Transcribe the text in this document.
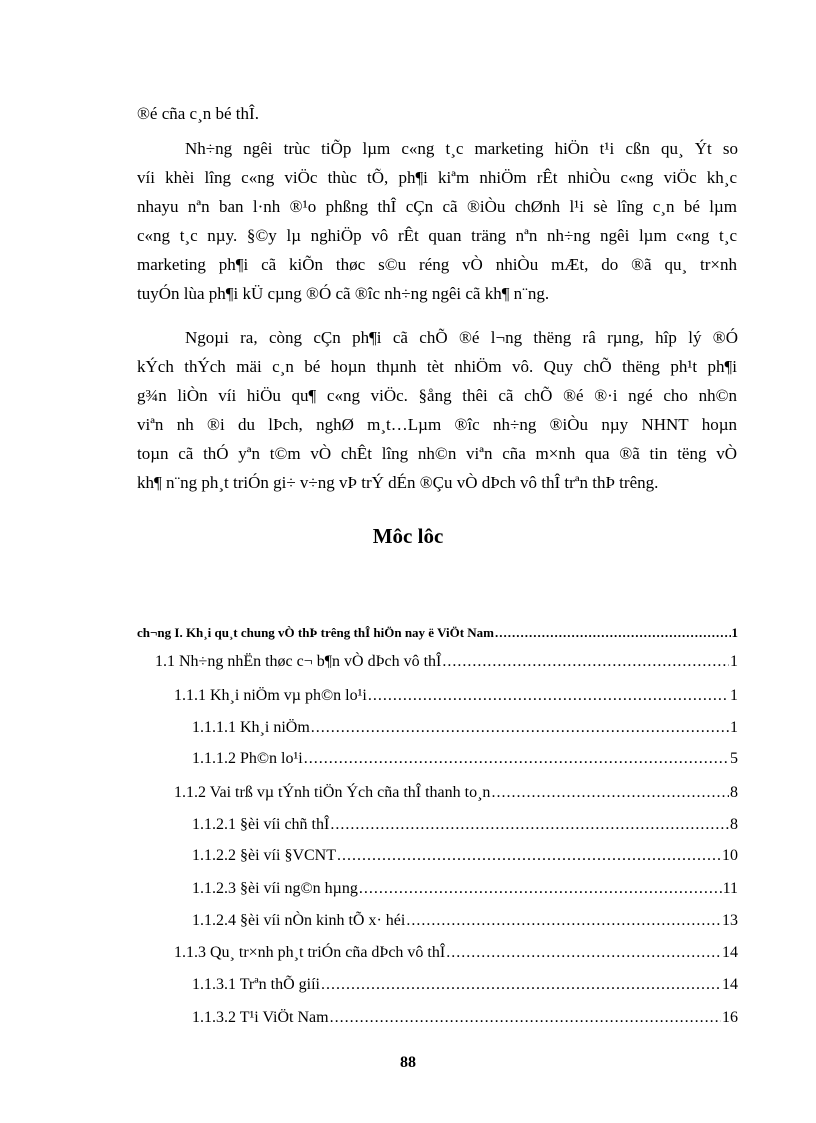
®é cña c¸n bé thÎ.
Nh÷ng ngêi trùc tiÕp lµm c«ng t¸c marketing hiÖn t¹i cßn qu¸ Ýt so
víi khèi lîng c«ng viÖc thùc tÕ, ph¶i kiªm nhiÖm rÊt nhiÒu c«ng viÖc kh¸c
nhayu nªn ban l·nh ®¹o phßng thÎ cÇn cã ®iÒu chØnh l¹i sè lîng c¸n bé lµm
c«ng t¸c nµy. §©y lµ nghiÖp vô rÊt quan träng nªn nh÷ng ngêi lµm c«ng t¸c
marketing ph¶i cã kiÕn thøc s©u réng vÒ nhiÒu mÆt, do ®ã qu¸ tr×nh
tuyÓn lùa ph¶i kÜ cµng ®Ó cã ®îc nh÷ng ngêi cã kh¶ n¨ng.
Ngoµi ra, còng cÇn ph¶i cã chÕ ®é l¬ng thëng râ rµng, hîp lý ®Ó
kÝch thÝch mäi c¸n bé hoµn thµnh tèt nhiÖm vô. Quy chÕ thëng ph¹t ph¶i
g¾n liÒn víi hiÖu qu¶ c«ng viÖc. §ång thêi cã chÕ ®é ®·i ngé cho nh©n
viªn nh ®i du lÞch, nghØ m¸t…Lµm ®îc nh÷ng ®iÒu nµy NHNT hoµn
toµn cã thÓ yªn t©m vÒ chÊt lîng nh©n viªn cña m×nh qua ®ã tin tëng vÒ
kh¶ n¨ng ph¸t triÓn gi÷ v÷ng vÞ trÝ dÉn ®Çu vÒ dÞch vô thÎ trªn thÞ trêng.
Môc lôc
ch¬ng I. Kh¸i qu¸t chung vÒ thÞ trêng thÎ hiÖn nay ë ViÖt Nam .....	1
1.1 Nh÷ng nhËn thøc c¬ b¶n vÒ dÞch vô thÎ .....	1
1.1.1 Kh¸i niÖm vµ ph©n lo¹i .....	1
1.1.1.1 Kh¸i niÖm .....	1
1.1.1.2 Ph©n lo¹i .....	5
1.1.2 Vai trß vµ tÝnh tiÖn Ých cña thÎ thanh to¸n .....	8
1.1.2.1 §èi víi chñ thÎ .....	8
1.1.2.2 §èi víi §VCNT .....	10
1.1.2.3 §èi víi ng©n hµng .....	11
1.1.2.4 §èi víi nÒn kinh tÕ x· héi .....	13
1.1.3 Qu¸ tr×nh ph¸t triÓn cña dÞch vô thÎ .....	14
1.1.3.1 Trªn thÕ giíi .....	14
1.1.3.2 T¹i ViÖt Nam .....	16
88
